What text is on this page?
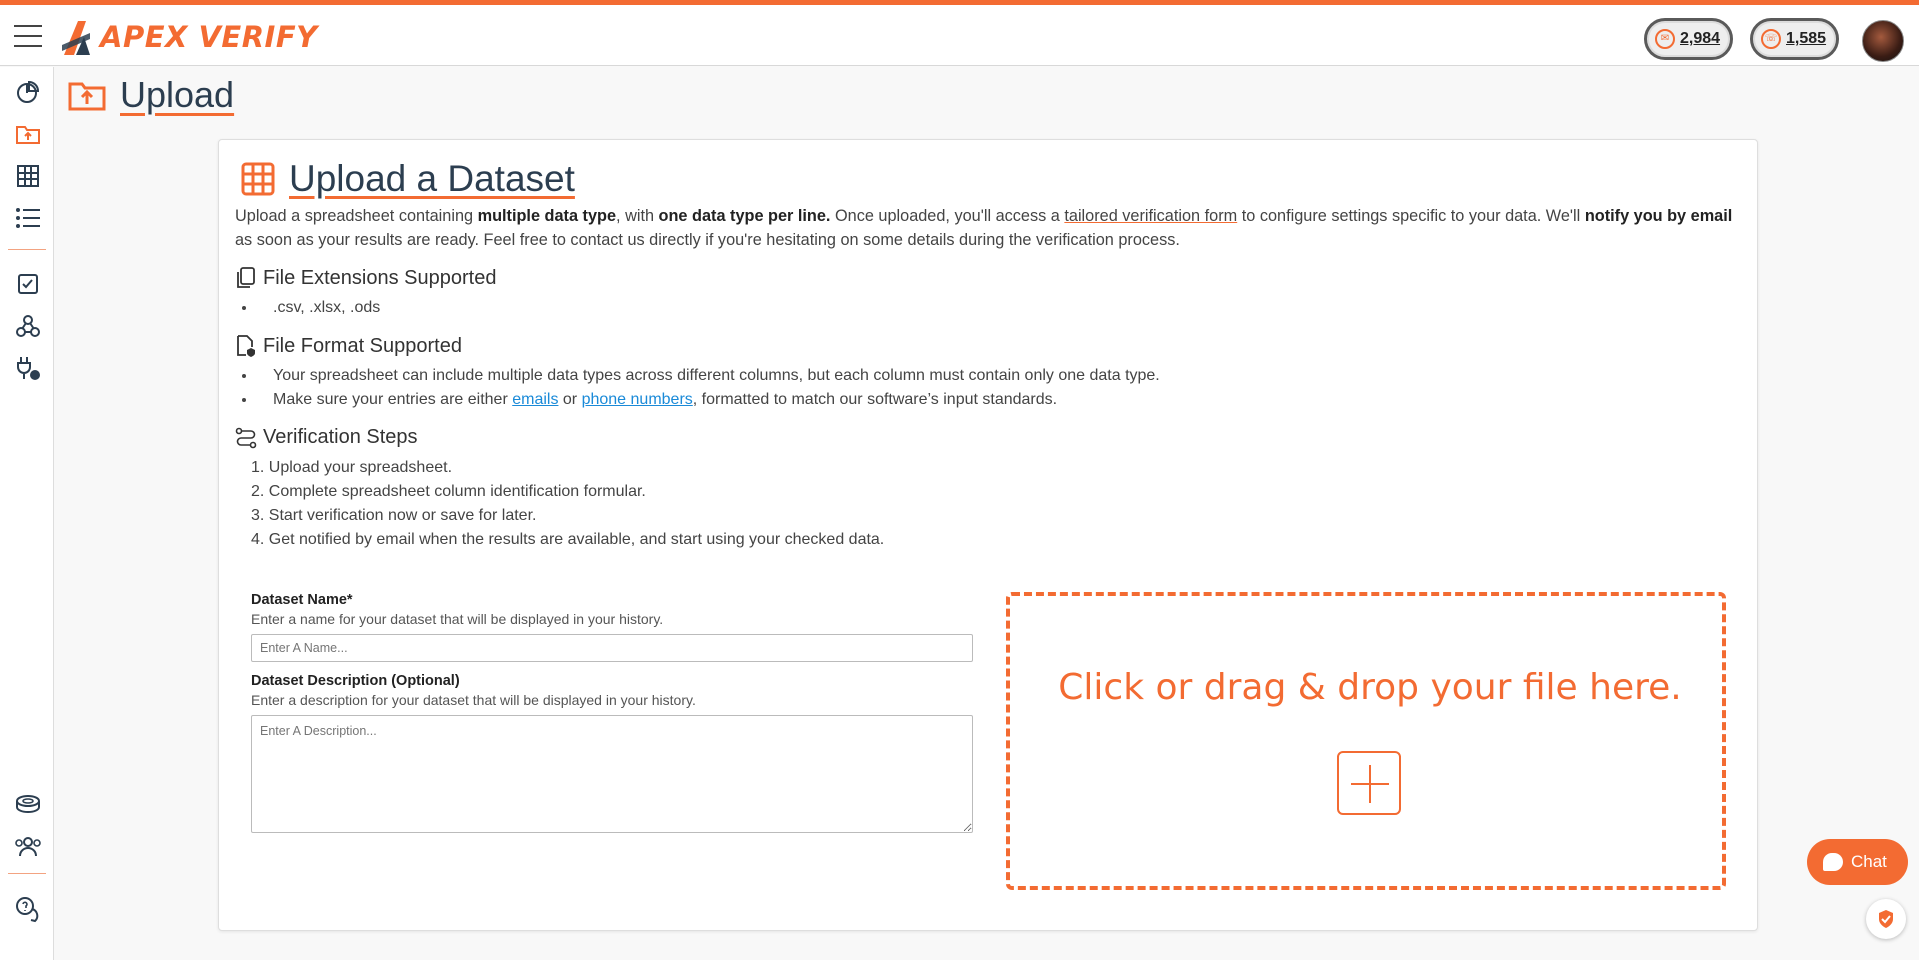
APEX VERIFY	✉ 2,984	☏ 1,585
Upload
Upload a Dataset

Upload a spreadsheet containing multiple data type, with one data type per line. Once uploaded, you'll access a tailored verification form to configure settings specific to your data. We'll notify you by email as soon as your results are ready. Feel free to contact us directly if you're hesitating on some details during the verification process.

File Extensions Supported
• .csv, .xlsx, .ods
File Format Supported
• Your spreadsheet can include multiple data types across different columns, but each column must contain only one data type.
• Make sure your entries are either emails or phone numbers, formatted to match our software’s input standards.
Verification Steps
1. Upload your spreadsheet.
2. Complete spreadsheet column identification formular.
3. Start verification now or save for later.
4. Get notified by email when the results are available, and start using your checked data.
Dataset Name*
Enter a name for your dataset that will be displayed in your history.
Enter A Name...
Dataset Description (Optional)
Enter a description for your dataset that will be displayed in your history.
Enter A Description...	Click or drag & drop your file here.
Chat
